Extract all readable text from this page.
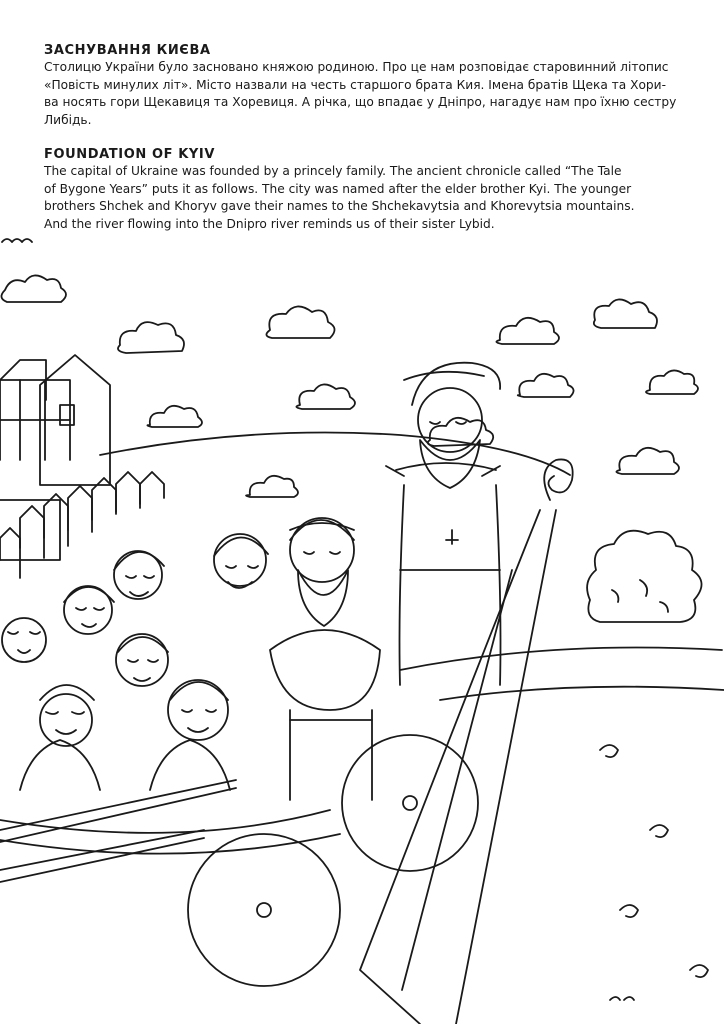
ЗАСНУВАННЯ КИЄВА

Столицю України було засновано княжою родиною. Про це нам розповідає старовинний літопис
«Повість минулих літ». Місто назвали на честь старшого брата Кия. Імена братів Щека та Хори-
ва носять гори Щекавиця та Хоревиця. А річка, що впадає у Дніпро, нагадує нам про їхню сестру
Либідь.

FOUNDATION OF KYIV

The capital of Ukraine was founded by a princely family. The ancient chronicle called “The Tale
of Bygone Years” puts it as follows. The city was named after the elder brother Kyi. The younger
brothers Shchek and Khoryv gave their names to the Shchekavytsia and Khorevytsia mountains.
And the river flowing into the Dnipro river reminds us of their sister Lybid.
